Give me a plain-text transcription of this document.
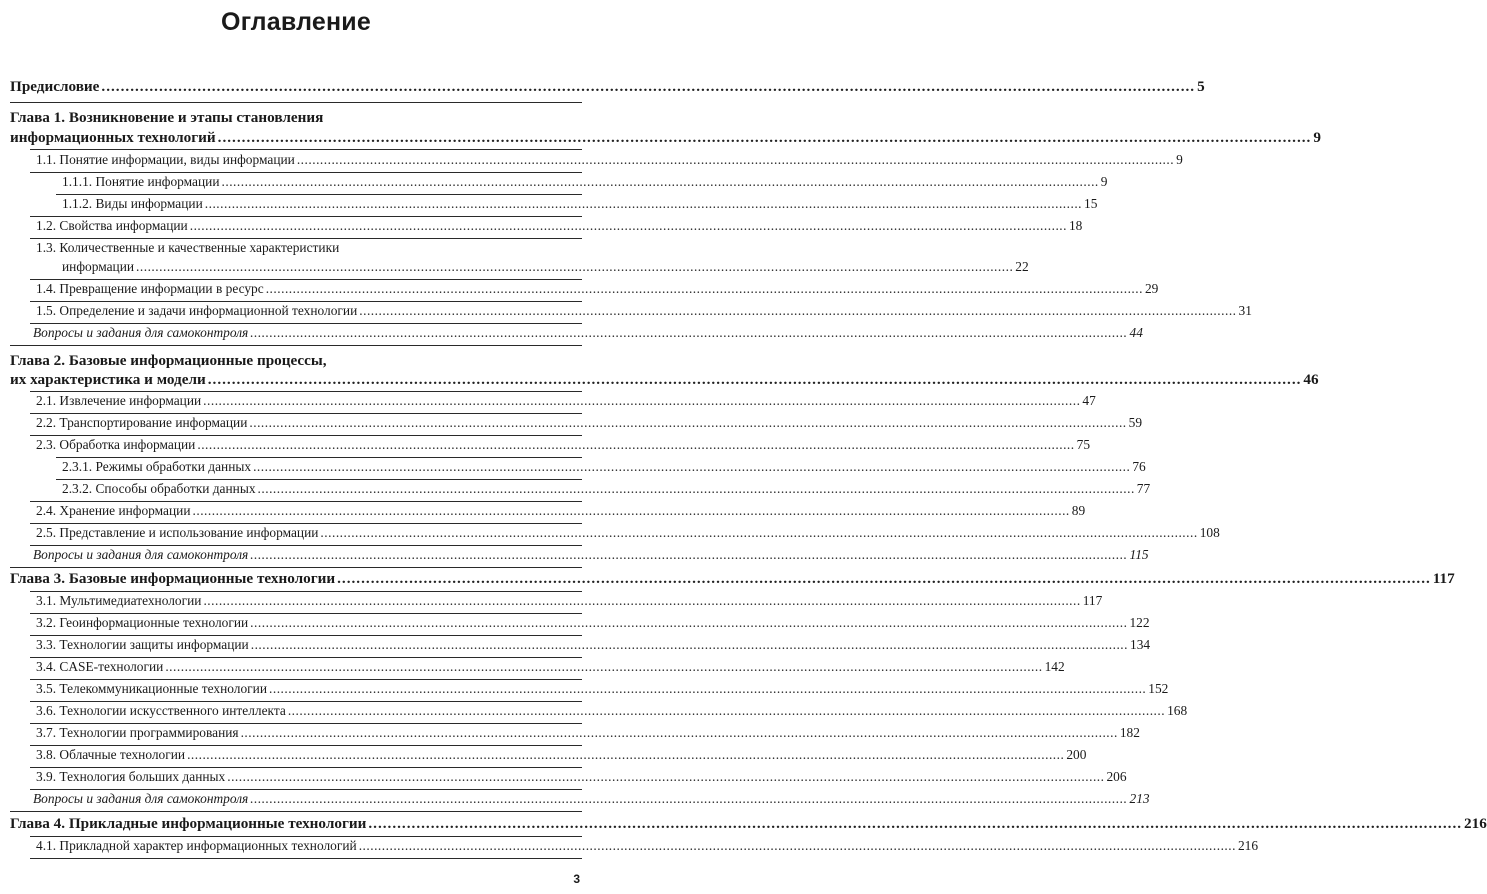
Оглавление
Предисловие .................................................................................................................................................................................................................................... 5
Глава 1. Возникновение и этапы становления
информационных технологий .................................................................................................................................................................................................................................... 9
1.1. Понятие информации, виды информации .................................................................................................................................................................................................................................... 9
1.1.1. Понятие информации .................................................................................................................................................................................................................................... 9
1.1.2. Виды информации .................................................................................................................................................................................................................................... 15
1.2. Свойства информации .................................................................................................................................................................................................................................... 18
1.3. Количественные и качественные характеристики
информации .................................................................................................................................................................................................................................... 22
1.4. Превращение информации в ресурс .................................................................................................................................................................................................................................... 29
1.5. Определение и задачи информационной технологии .................................................................................................................................................................................................................................... 31
Вопросы и задания для самоконтроля .................................................................................................................................................................................................................................... 44
Глава 2. Базовые информационные процессы,
их характеристика и модели .................................................................................................................................................................................................................................... 46
2.1. Извлечение информации .................................................................................................................................................................................................................................... 47
2.2. Транспортирование информации .................................................................................................................................................................................................................................... 59
2.3. Обработка информации .................................................................................................................................................................................................................................... 75
2.3.1. Режимы обработки данных .................................................................................................................................................................................................................................... 76
2.3.2. Способы обработки данных .................................................................................................................................................................................................................................... 77
2.4. Хранение информации .................................................................................................................................................................................................................................... 89
2.5. Представление и использование информации .................................................................................................................................................................................................................................... 108
Вопросы и задания для самоконтроля .................................................................................................................................................................................................................................... 115
Глава 3. Базовые информационные технологии .................................................................................................................................................................................................................................... 117
3.1. Мультимедиатехнологии .................................................................................................................................................................................................................................... 117
3.2. Геоинформационные технологии .................................................................................................................................................................................................................................... 122
3.3. Технологии защиты информации .................................................................................................................................................................................................................................... 134
3.4. CASE-технологии .................................................................................................................................................................................................................................... 142
3.5. Телекоммуникационные технологии .................................................................................................................................................................................................................................... 152
3.6. Технологии искусственного интеллекта .................................................................................................................................................................................................................................... 168
3.7. Технологии программирования .................................................................................................................................................................................................................................... 182
3.8. Облачные технологии .................................................................................................................................................................................................................................... 200
3.9. Технология больших данных .................................................................................................................................................................................................................................... 206
Вопросы и задания для самоконтроля .................................................................................................................................................................................................................................... 213
Глава 4. Прикладные информационные технологии .................................................................................................................................................................................................................................... 216
4.1. Прикладной характер информационных технологий .................................................................................................................................................................................................................................... 216
3
